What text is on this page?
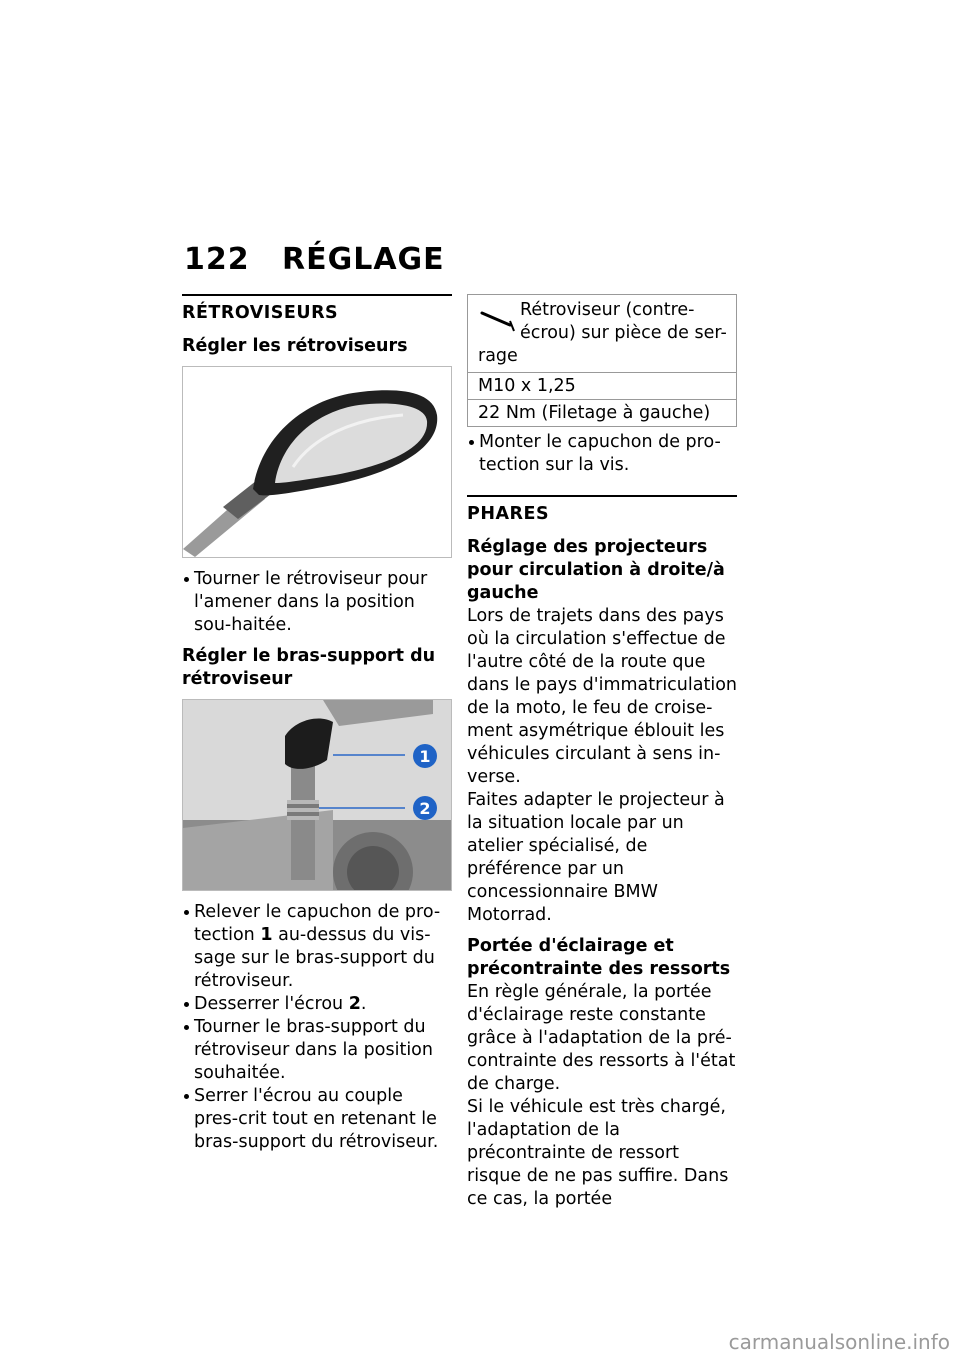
122 RÉGLAGE
RÉTROVISEURS
Régler les rétroviseurs
Tourner le rétroviseur pour l'amener dans la position sou-haitée.
Régler le bras-support du rétroviseur
1
2
Relever le capuchon de pro-tection 1 au-dessus du vis-sage sur le bras-support du rétroviseur.
Desserrer l'écrou 2.
Tourner le bras-support du rétroviseur dans la position souhaitée.
Serrer l'écrou au couple pres-crit tout en retenant le bras-support du rétroviseur.
Rétroviseur (contre-
écrou) sur pièce de ser-rage
M10 x 1,25
22 Nm (Filetage à gauche)
Monter le capuchon de pro-tection sur la vis.
PHARES
Réglage des projecteurs pour circulation à droite/à gauche

Lors de trajets dans des pays où la circulation s'effectue de l'autre côté de la route que dans le pays d'immatriculation de la moto, le feu de croise-ment asymétrique éblouit les véhicules circulant à sens in-verse.

Faites adapter le projecteur à la situation locale par un atelier spécialisé, de préférence par un concessionnaire BMW Motorrad.

Portée d'éclairage et précontrainte des ressorts

En règle générale, la portée d'éclairage reste constante grâce à l'adaptation de la pré-contrainte des ressorts à l'état de charge.

Si le véhicule est très chargé, l'adaptation de la précontrainte de ressort risque de ne pas suffire. Dans ce cas, la portée

carmanualsonline.info
